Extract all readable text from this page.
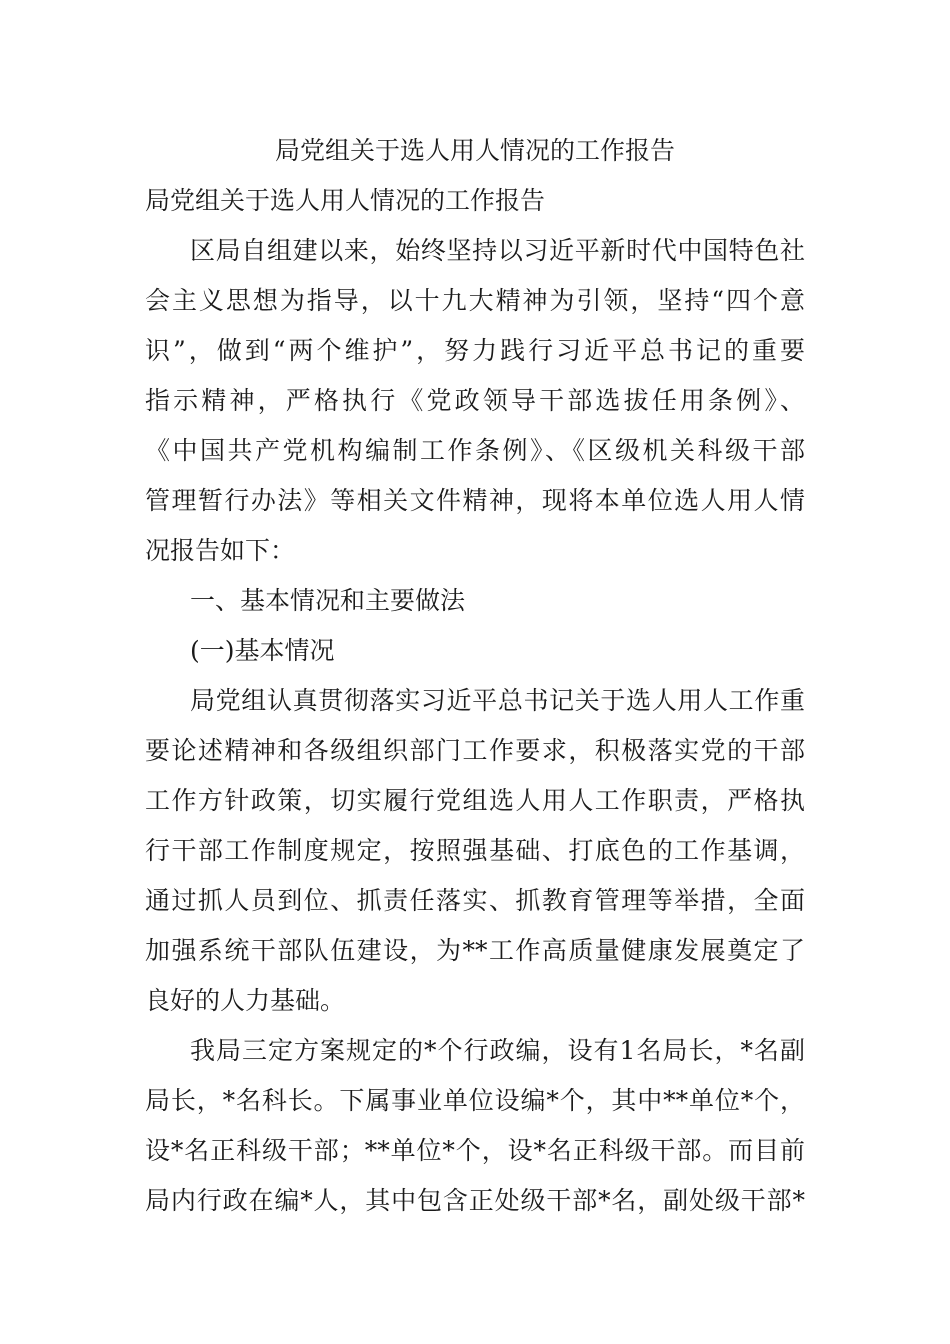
局党组关于选人用人情况的工作报告
局党组关于选人用人情况的工作报告
区局自组建以来，始终坚持以习近平新时代中国特色社
会主义思想为指导，以十九大精神为引领，坚持“四个意
识”，做到“两个维护”，努力践行习近平总书记的重要
指示精神，严格执行《党政领导干部选拔任用条例》、
《中国共产党机构编制工作条例》、《区级机关科级干部
管理暂行办法》等相关文件精神，现将本单位选人用人情
况报告如下：
一、基本情况和主要做法
(一)基本情况
局党组认真贯彻落实习近平总书记关于选人用人工作重
要论述精神和各级组织部门工作要求，积极落实党的干部
工作方针政策，切实履行党组选人用人工作职责，严格执
行干部工作制度规定，按照强基础、打底色的工作基调，
通过抓人员到位、抓责任落实、抓教育管理等举措，全面
加强系统干部队伍建设，为**工作高质量健康发展奠定了
良好的人力基础。
我局三定方案规定的*个行政编，设有1名局长，*名副
局长，*名科长。下属事业单位设编*个，其中**单位*个，
设*名正科级干部；**单位*个，设*名正科级干部。而目前
局内行政在编*人，其中包含正处级干部*名，副处级干部*
